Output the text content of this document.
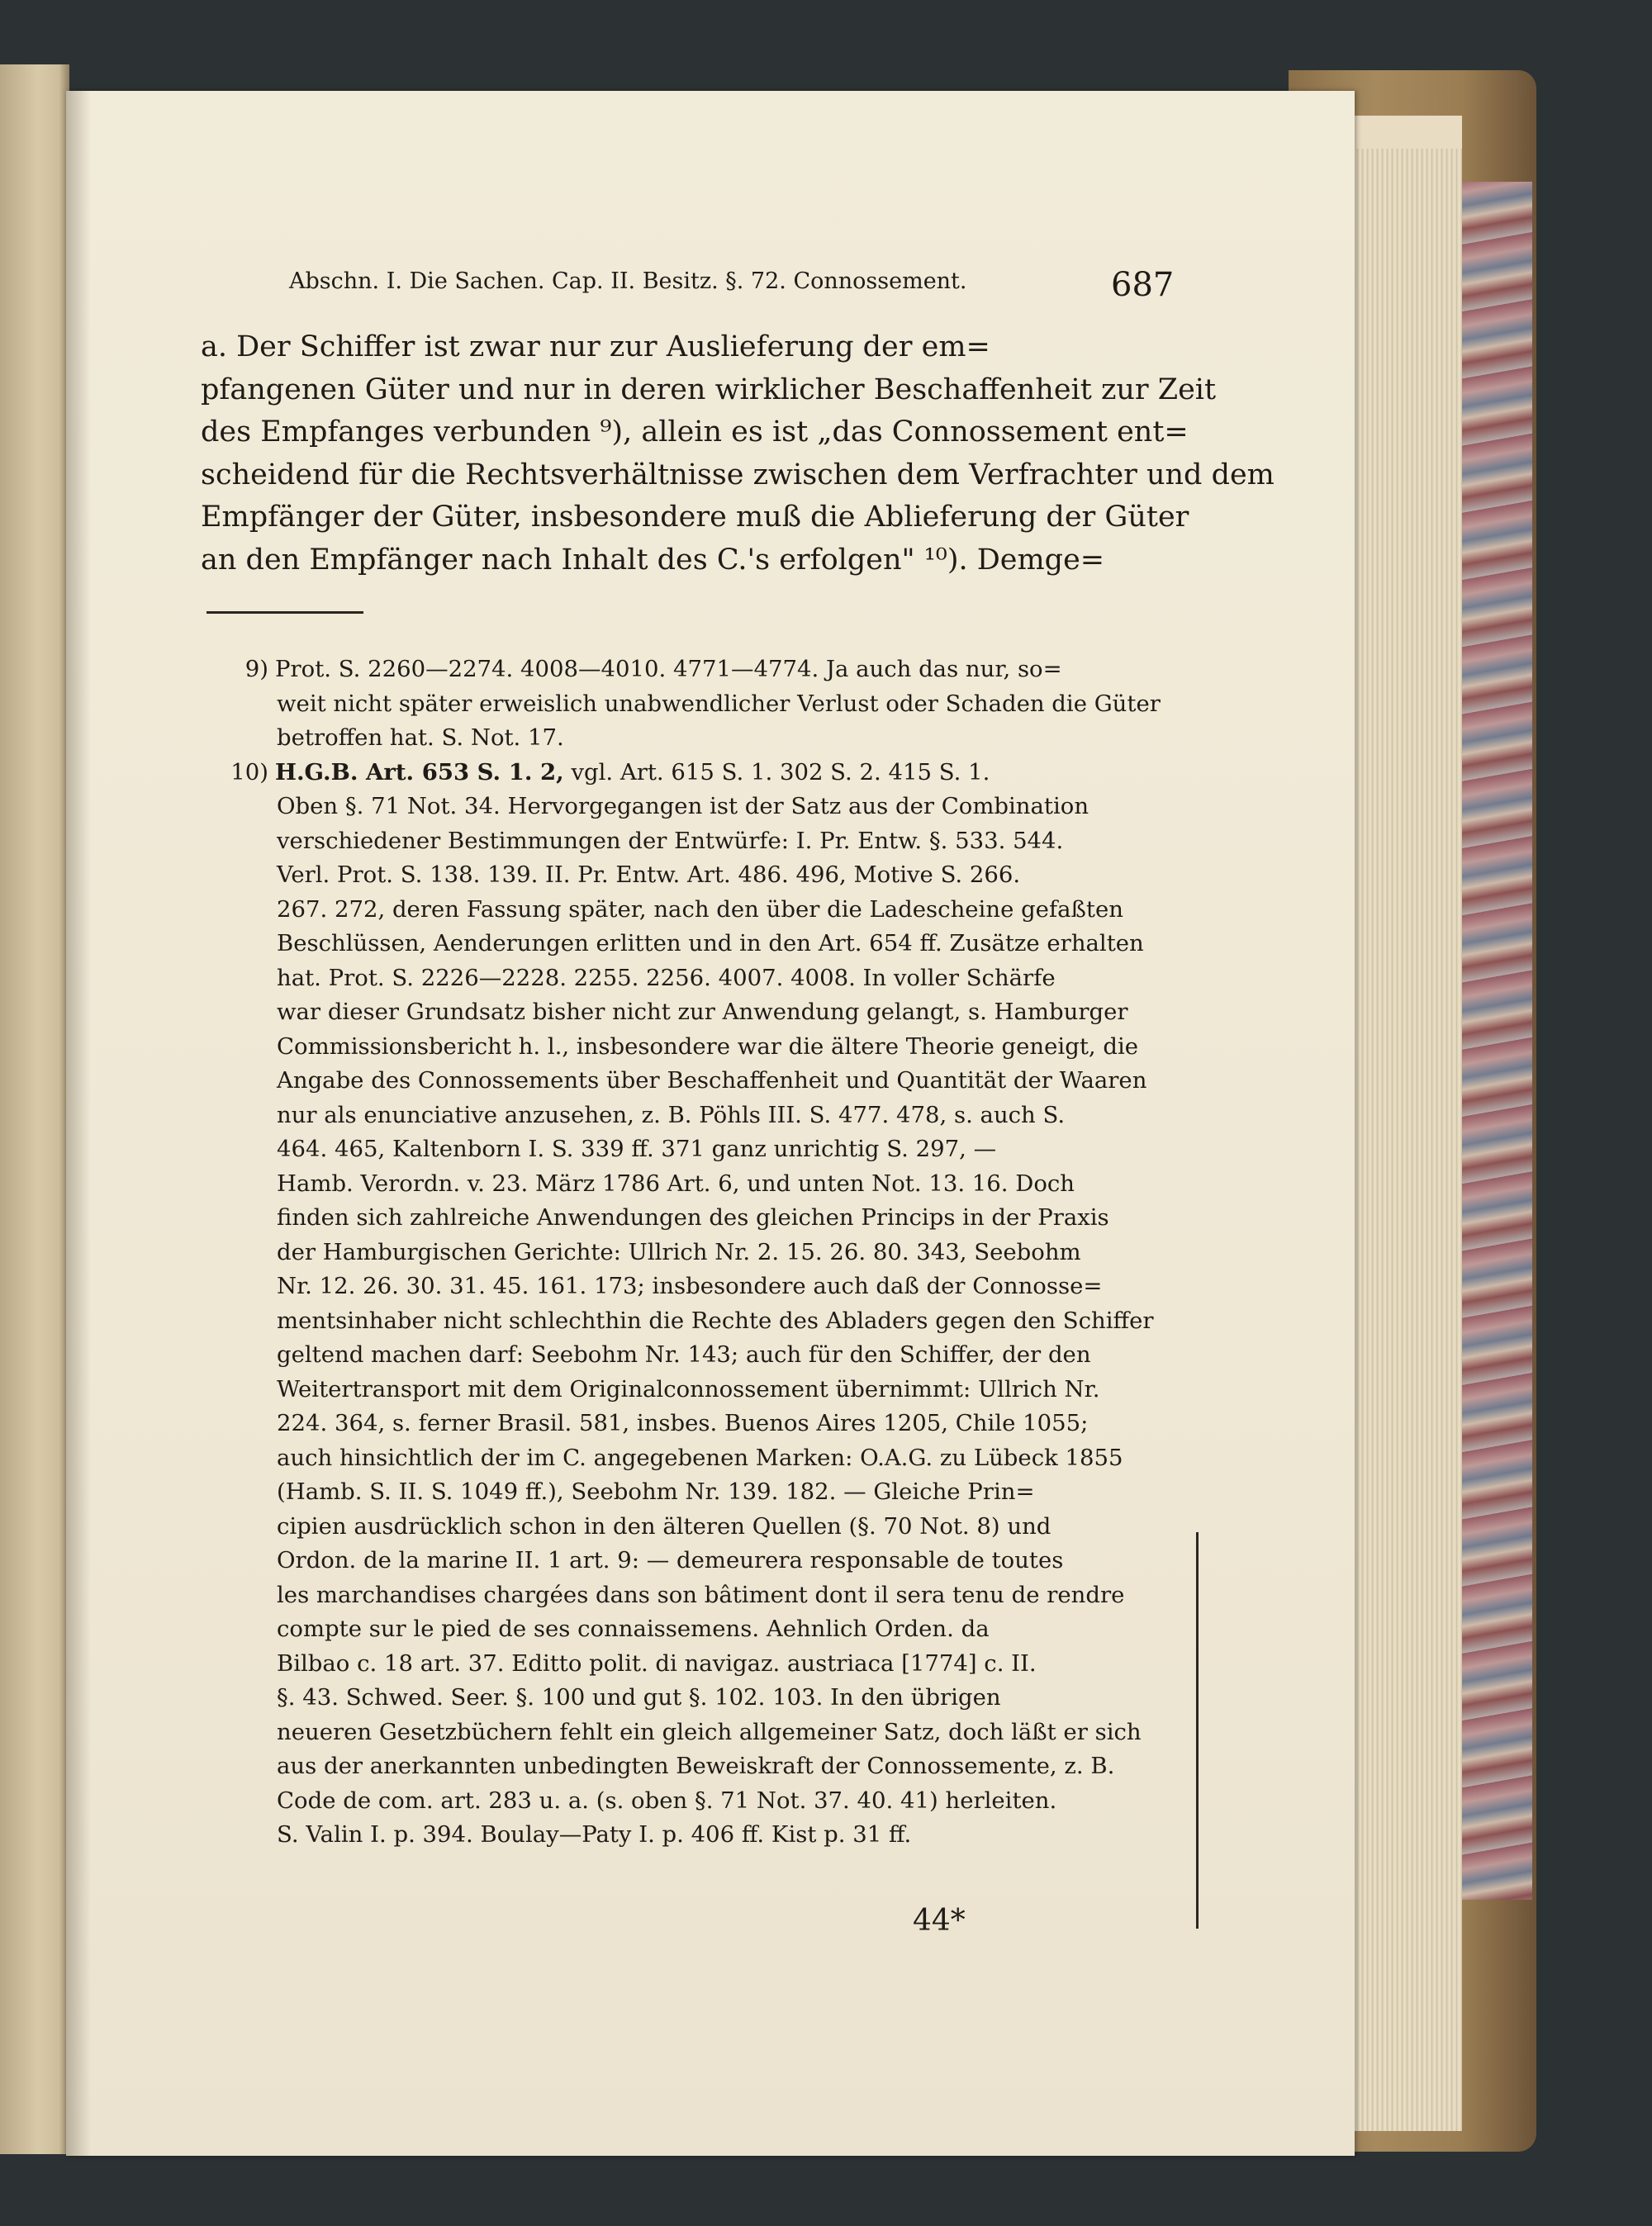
Abschn. I. Die Sachen. Cap. II. Besitz. §. 72. Connossement.	687
a. Der Schiffer ist zwar nur zur Auslieferung der em=
pfangenen Güter und nur in deren wirklicher Beschaffenheit zur Zeit
des Empfanges verbunden ⁹), allein es ist „das Connossement ent=
scheidend für die Rechtsverhältnisse zwischen dem Verfrachter und dem
Empfänger der Güter, insbesondere muß die Ablieferung der Güter
an den Empfänger nach Inhalt des C.'s erfolgen" ¹⁰). Demge=
9) Prot. S. 2260—2274. 4008—4010. 4771—4774. Ja auch das nur, so=
weit nicht später erweislich unabwendlicher Verlust oder Schaden die Güter
betroffen hat. S. Not. 17.
10) H.G.B. Art. 653 S. 1. 2, vgl. Art. 615 S. 1. 302 S. 2. 415 S. 1.
Oben §. 71 Not. 34. Hervorgegangen ist der Satz aus der Combination
verschiedener Bestimmungen der Entwürfe: I. Pr. Entw. §. 533. 544.
Verl. Prot. S. 138. 139. II. Pr. Entw. Art. 486. 496, Motive S. 266.
267. 272, deren Fassung später, nach den über die Ladescheine gefaßten
Beschlüssen, Aenderungen erlitten und in den Art. 654 ff. Zusätze erhalten
hat. Prot. S. 2226—2228. 2255. 2256. 4007. 4008. In voller Schärfe
war dieser Grundsatz bisher nicht zur Anwendung gelangt, s. Hamburger
Commissionsbericht h. l., insbesondere war die ältere Theorie geneigt, die
Angabe des Connossements über Beschaffenheit und Quantität der Waaren
nur als enunciative anzusehen, z. B. Pöhls III. S. 477. 478, s. auch S.
464. 465, Kaltenborn I. S. 339 ff. 371 ganz unrichtig S. 297, —
Hamb. Verordn. v. 23. März 1786 Art. 6, und unten Not. 13. 16. Doch
finden sich zahlreiche Anwendungen des gleichen Princips in der Praxis
der Hamburgischen Gerichte: Ullrich Nr. 2. 15. 26. 80. 343, Seebohm
Nr. 12. 26. 30. 31. 45. 161. 173; insbesondere auch daß der Connosse=
mentsinhaber nicht schlechthin die Rechte des Abladers gegen den Schiffer
geltend machen darf: Seebohm Nr. 143; auch für den Schiffer, der den
Weitertransport mit dem Originalconnossement übernimmt: Ullrich Nr.
224. 364, s. ferner Brasil. 581, insbes. Buenos Aires 1205, Chile 1055;
auch hinsichtlich der im C. angegebenen Marken: O.A.G. zu Lübeck 1855
(Hamb. S. II. S. 1049 ff.), Seebohm Nr. 139. 182. — Gleiche Prin=
cipien ausdrücklich schon in den älteren Quellen (§. 70 Not. 8) und
Ordon. de la marine II. 1 art. 9: — demeurera responsable de toutes
les marchandises chargées dans son bâtiment dont il sera tenu de rendre
compte sur le pied de ses connaissemens. Aehnlich Orden. da
Bilbao c. 18 art. 37. Editto polit. di navigaz. austriaca [1774] c. II.
§. 43. Schwed. Seer. §. 100 und gut §. 102. 103. In den übrigen
neueren Gesetzbüchern fehlt ein gleich allgemeiner Satz, doch läßt er sich
aus der anerkannten unbedingten Beweiskraft der Connossemente, z. B.
Code de com. art. 283 u. a. (s. oben §. 71 Not. 37. 40. 41) herleiten.
S. Valin I. p. 394. Boulay—Paty I. p. 406 ff. Kist p. 31 ff.
44*
